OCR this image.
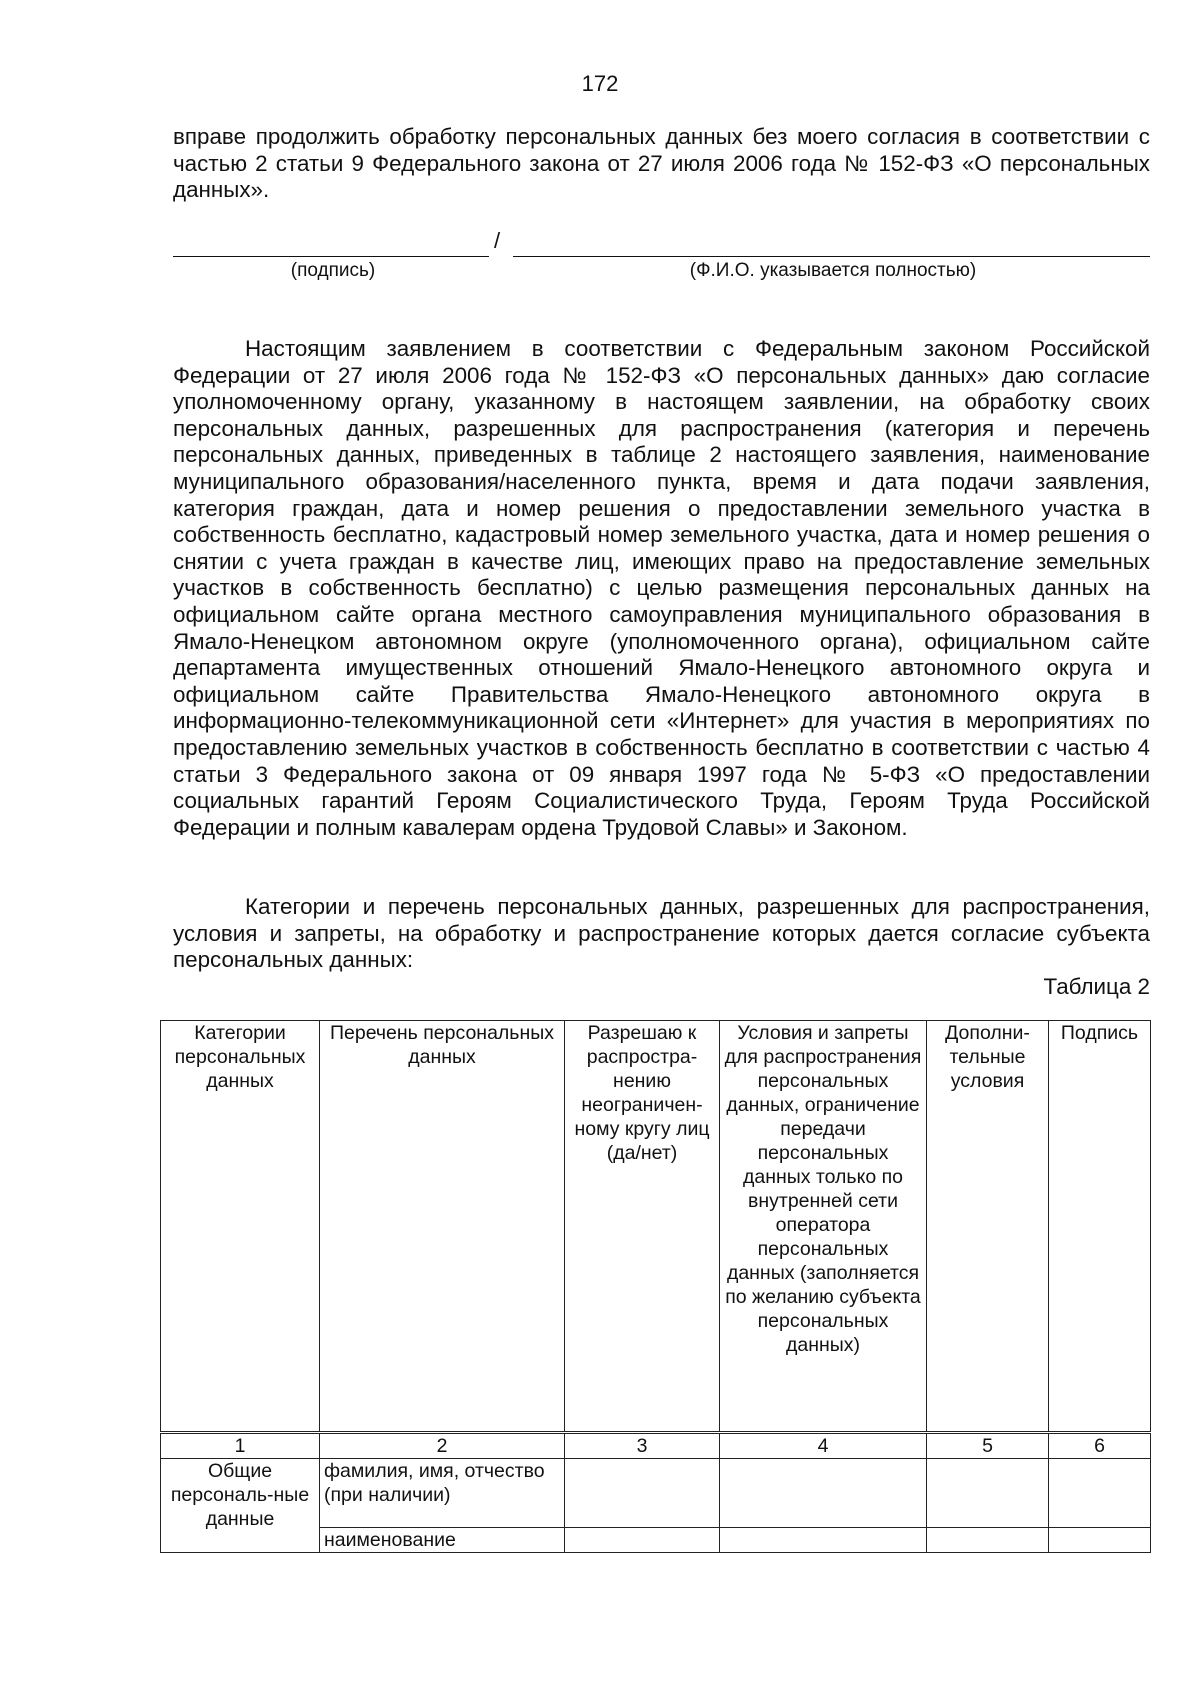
172

вправе продолжить обработку персональных данных без моего согласия в соответствии с частью 2 статьи 9 Федерального закона от 27 июля 2006 года № 152-ФЗ «О персональных данных».

/
(подпись)	(Ф.И.О. указывается полностью)

Настоящим заявлением в соответствии с Федеральным законом Российской Федерации от 27 июля 2006 года № 152-ФЗ «О персональных данных» даю согласие уполномоченному органу, указанному в настоящем заявлении, на обработку своих персональных данных, разрешенных для распространения (категория и перечень персональных данных, приведенных в таблице 2 настоящего заявления, наименование муниципального образования/населенного пункта, время и дата подачи заявления, категория граждан, дата и номер решения о предоставлении земельного участка в собственность бесплатно, кадастровый номер земельного участка, дата и номер решения о снятии с учета граждан в качестве лиц, имеющих право на предоставление земельных участков в собственность бесплатно) с целью размещения персональных данных на официальном сайте органа местного самоуправления муниципального образования в Ямало-Ненецком автономном округе (уполномоченного органа), официальном сайте департамента имущественных отношений Ямало-Ненецкого автономного округа и официальном сайте Правительства Ямало-Ненецкого автономного округа в информационно-телекоммуникационной сети «Интернет» для участия в мероприятиях по предоставлению земельных участков в собственность бесплатно в соответствии с частью 4 статьи 3 Федерального закона от 09 января 1997 года № 5-ФЗ «О предоставлении социальных гарантий Героям Социалистического Труда, Героям Труда Российской Федерации и полным кавалерам ордена Трудовой Славы» и Законом.

Категории и перечень персональных данных, разрешенных для распространения, условия и запреты, на обработку и распространение которых дается согласие субъекта персональных данных:

Таблица 2
Категории персональных данных	Перечень персональных данных	Разрешаю к распростра-нению неограничен-ному кругу лиц (да/нет)	Условия и запреты для распространения персональных данных, ограничение передачи персональных данных только по внутренней сети оператора персональных данных (заполняется по желанию субъекта персональных данных)	Дополни-тельные условия	Подпись
1	2	3	4	5	6
Общие персональ-ные данные	фамилия, имя, отчество (при наличии)				
	наименование				
